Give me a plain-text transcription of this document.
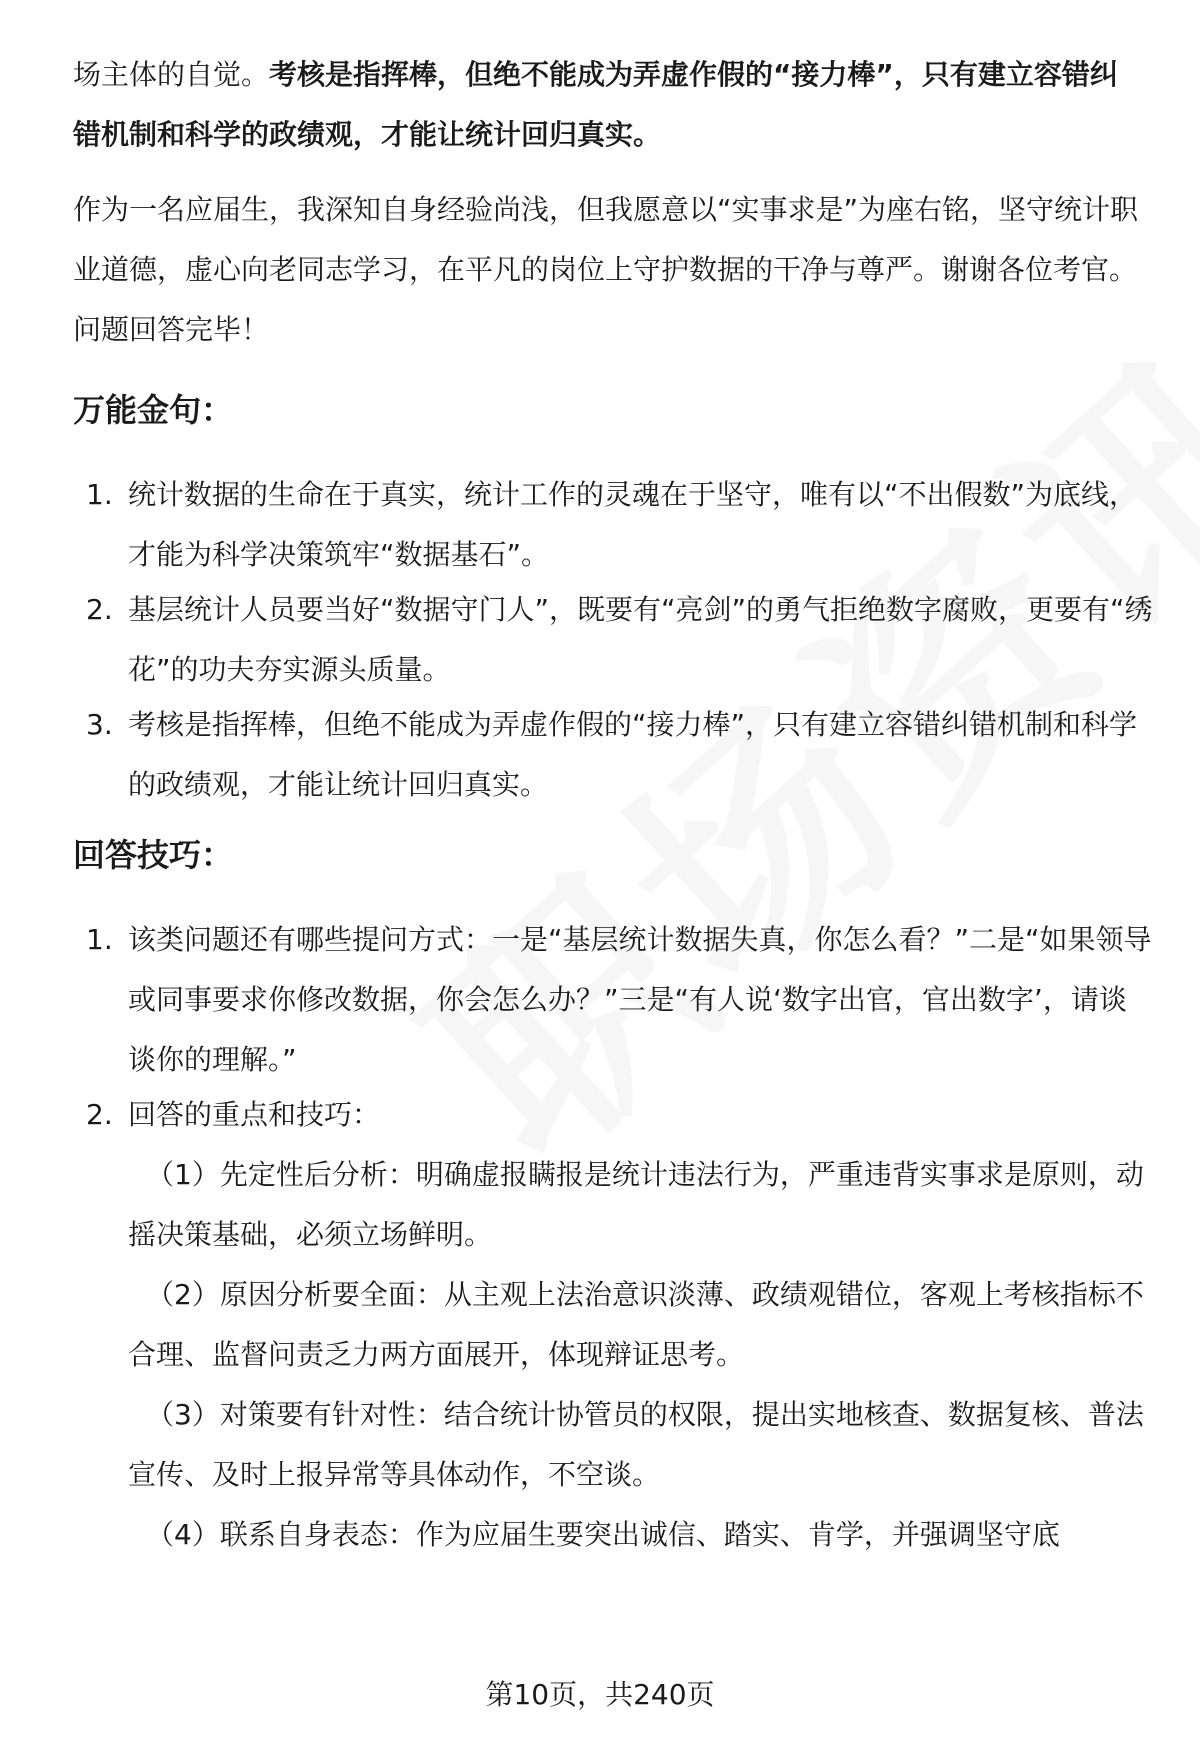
场主体的自觉。考核是指挥棒，但绝不能成为弄虚作假的“接力棒”，只有建立容错纠错机制和科学的政绩观，才能让统计回归真实。

作为一名应届生，我深知自身经验尚浅，但我愿意以“实事求是”为座右铭，坚守统计职业道德，虚心向老同志学习，在平凡的岗位上守护数据的干净与尊严。谢谢各位考官。问题回答完毕！

万能金句：
1. 统计数据的生命在于真实，统计工作的灵魂在于坚守，唯有以“不出假数”为底线，才能为科学决策筑牢“数据基石”。
2. 基层统计人员要当好“数据守门人”，既要有“亮剑”的勇气拒绝数字腐败，更要有“绣花”的功夫夯实源头质量。
3. 考核是指挥棒，但绝不能成为弄虚作假的“接力棒”，只有建立容错纠错机制和科学的政绩观，才能让统计回归真实。
回答技巧：
1. 该类问题还有哪些提问方式：一是“基层统计数据失真，你怎么看？”二是“如果领导或同事要求你修改数据，你会怎么办？”三是“有人说‘数字出官，官出数字’，请谈谈你的理解。”
2. 回答的重点和技巧：
（1）先定性后分析：明确虚报瞒报是统计违法行为，严重违背实事求是原则，动摇决策基础，必须立场鲜明。
（2）原因分析要全面：从主观上法治意识淡薄、政绩观错位，客观上考核指标不合理、监督问责乏力两方面展开，体现辩证思考。
（3）对策要有针对性：结合统计协管员的权限，提出实地核查、数据复核、普法宣传、及时上报异常等具体动作，不空谈。
（4）联系自身表态：作为应届生要突出诚信、踏实、肯学，并强调坚守底
第10页，共240页
